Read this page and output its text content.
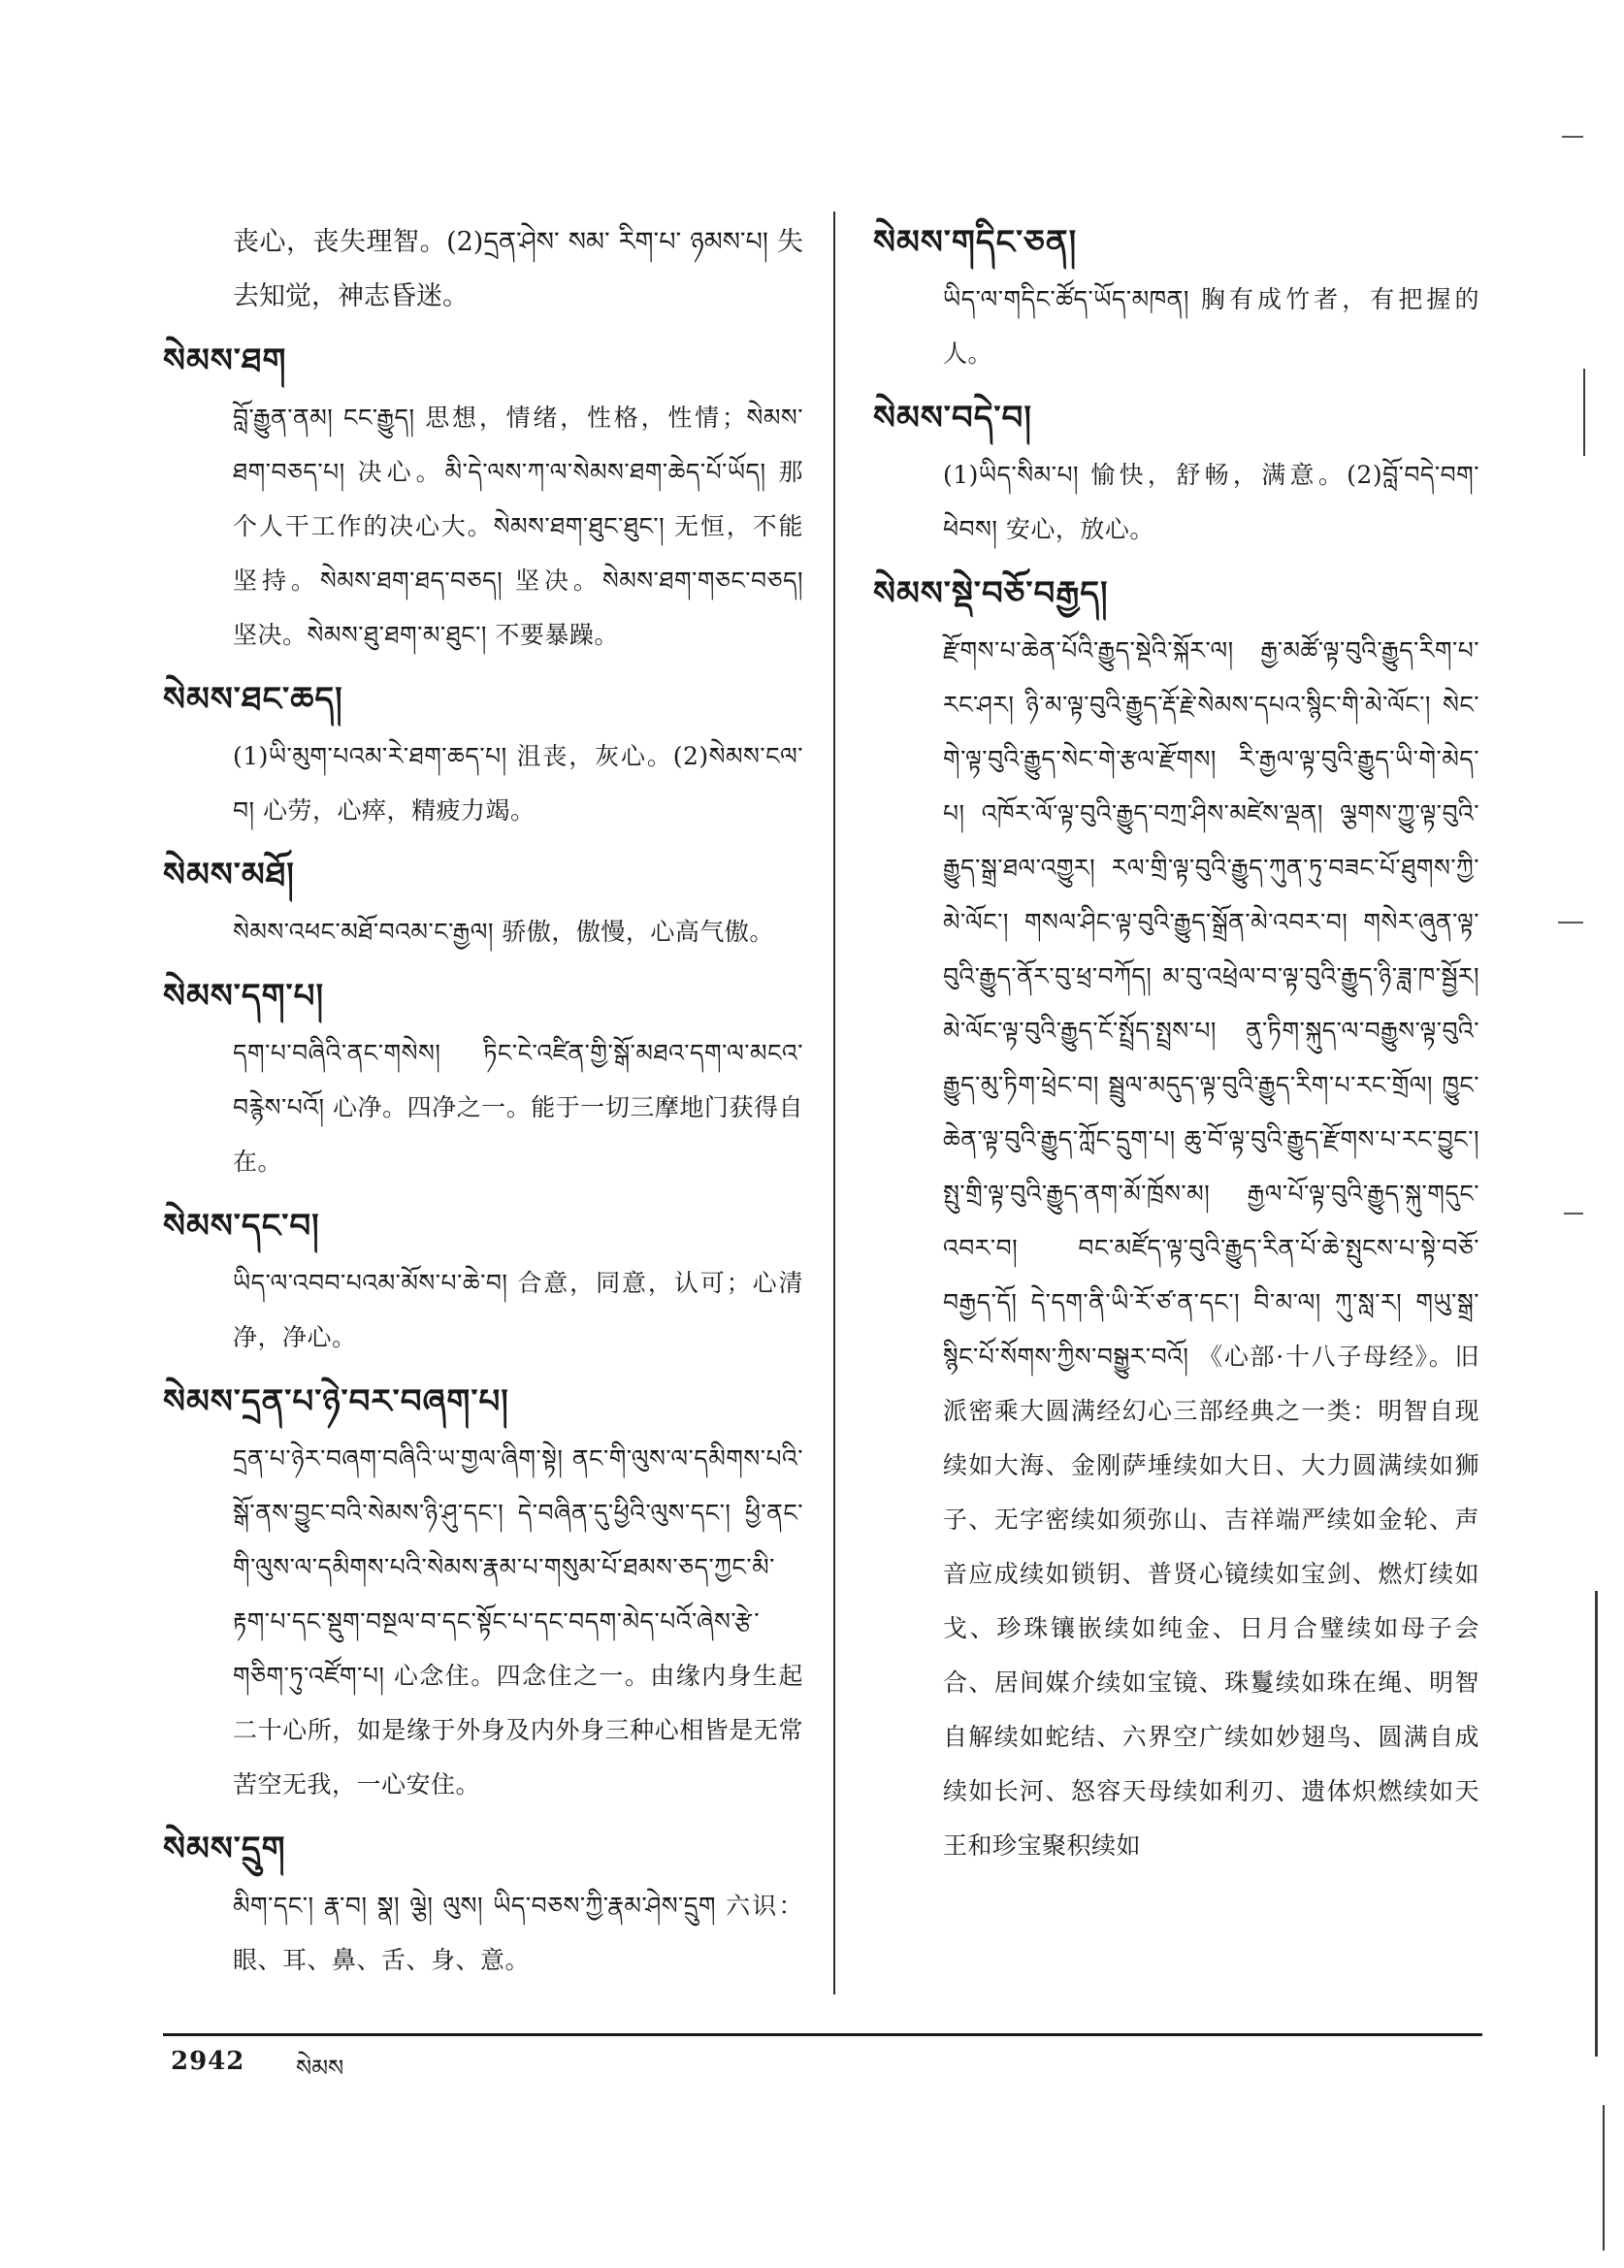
丧心，丧失理智。(2)དྲན་ཤེས་ སམ་ རིག་པ་ ཉམས་པ། 失去知觉，神志昏迷。

སེམས་ཐག
བློ་རྒྱུན་ནམ། ངང་རྒྱུད། 思想，情绪，性格，性情；སེམས་ཐག་བཅད་པ། 决心。མི་དེ་ལས་ཀ་ལ་སེམས་ཐག་ཆེད་པོ་ཡོད། 那个人干工作的决心大。སེམས་ཐག་ཐུང་ཐུང་། 无恒，不能坚持。སེམས་ཐག་ཐད་བཅད། 坚决。སེམས་ཐག་གཅང་བཅད། 坚决。སེམས་ཐུ་ཐག་མ་ཐུང་། 不要暴躁。

སེམས་ཐང་ཆད།
(1)ཡི་མུག་པའམ་རེ་ཐག་ཆད་པ། 沮丧，灰心。(2)སེམས་ངལ་བ། 心劳，心瘁，精疲力竭。

སེམས་མཐོ།
སེམས་འཕང་མཐོ་བའམ་ང་རྒྱལ། 骄傲，傲慢，心高气傲。

སེམས་དག་པ།
དག་པ་བཞིའི་ནང་གསེས། ཏིང་ངེ་འཛིན་གྱི་སྒོ་མཐའ་དག་ལ་མངའ་བརྙེས་པའོ། 心净。四净之一。能于一切三摩地门获得自在。

སེམས་དང་བ།
ཡིད་ལ་འབབ་པའམ་མོས་པ་ཆེ་བ། 合意，同意，认可；心清净，净心。

སེམས་དྲན་པ་ཉེ་བར་བཞག་པ།
དྲན་པ་ཉེར་བཞག་བཞིའི་ཡ་གྱལ་ཞིག་སྟེ། ནང་གི་ལུས་ལ་དམིགས་པའི་སྒོ་ནས་བྱུང་བའི་སེམས་ཉི་ཤུ་དང་། དེ་བཞིན་དུ་ཕྱིའི་ལུས་དང་། ཕྱི་ནང་གི་ལུས་ལ་དམིགས་པའི་སེམས་རྣམ་པ་གསུམ་པོ་ཐམས་ཅད་ཀྱང་མི་རྟག་པ་དང་སྡུག་བསྔལ་བ་དང་སྟོང་པ་དང་བདག་མེད་པའོ་ཞེས་རྩེ་གཅིག་ཏུ་འཛོག་པ། 心念住。四念住之一。由缘内身生起二十心所，如是缘于外身及内外身三种心相皆是无常苦空无我，一心安住。

སེམས་དྲུག
མིག་དང་། རྣ་བ། སྣ། ལྕེ། ལུས། ཡིད་བཅས་ཀྱི་རྣམ་ཤེས་དྲུག 六识：眼、耳、鼻、舌、身、意。

སེམས་གདིང་ཅན།
ཡིད་ལ་གདིང་ཚོད་ཡོད་མཁན། 胸有成竹者，有把握的人。

སེམས་བདེ་བ།
(1)ཡིད་སིམ་པ། 愉快，舒畅，满意。(2)བློ་བདེ་བག་ཕེབས། 安心，放心。

སེམས་སྡེ་བཅོ་བརྒྱད།
རྫོགས་པ་ཆེན་པོའི་རྒྱུད་སྡེའི་སྐོར་ལ། རྒྱ་མཚོ་ལྟ་བུའི་རྒྱུད་རིག་པ་རང་ཤར། ཉི་མ་ལྟ་བུའི་རྒྱུད་རྡོ་རྗེ་སེམས་དཔའ་སྙིང་གི་མེ་ལོང་། སེང་གེ་ལྟ་བུའི་རྒྱུད་སེང་གེ་རྩལ་རྫོགས། རི་རྒྱལ་ལྟ་བུའི་རྒྱུད་ཡི་གེ་མེད་པ། འཁོར་ལོ་ལྟ་བུའི་རྒྱུད་བཀྲ་ཤིས་མཛེས་ལྡན། ལྕགས་ཀྱུ་ལྟ་བུའི་རྒྱུད་སྒྲ་ཐལ་འགྱུར། རལ་གྲི་ལྟ་བུའི་རྒྱུད་ཀུན་ཏུ་བཟང་པོ་ཐུགས་ཀྱི་མེ་ལོང་། གསལ་ཤིང་ལྟ་བུའི་རྒྱུད་སྒྲོན་མེ་འབར་བ། གསེར་ཞུན་ལྟ་བུའི་རྒྱུད་ནོར་བུ་ཕྲ་བཀོད། མ་བུ་འཕྲེལ་བ་ལྟ་བུའི་རྒྱུད་ཉི་ཟླ་ཁ་སྦྱོར། མེ་ལོང་ལྟ་བུའི་རྒྱུད་ངོ་སྤྲོད་སྤྲས་པ། ནུ་ཏིག་སྐུད་ལ་བརྒྱུས་ལྟ་བུའི་རྒྱུད་མུ་ཏིག་ཕྲེང་བ། སྦྲུལ་མདུད་ལྟ་བུའི་རྒྱུད་རིག་པ་རང་གྲོལ། ཁྱུང་ཆེན་ལྟ་བུའི་རྒྱུད་ཀློང་དྲུག་པ། ཆུ་བོ་ལྟ་བུའི་རྒྱུད་རྫོགས་པ་རང་བྱུང་། སྤུ་གྲི་ལྟ་བུའི་རྒྱུད་ནག་མོ་ཁྲོས་མ། རྒྱལ་པོ་ལྟ་བུའི་རྒྱུད་སྐུ་གདུང་འབར་བ། བང་མཛོད་ལྟ་བུའི་རྒྱུད་རིན་པོ་ཆེ་སྤུངས་པ་སྟེ་བཅོ་བརྒྱད་དོ། དེ་དག་ནི་ཡི་རོ་ཙ་ན་དང་། བི་མ་ལ། ཀུ་སླ་ར། གཡུ་སྒྲ་སྙིང་པོ་སོགས་ཀྱིས་བསྒྱུར་བའོ། 《心部·十八子母经》。旧派密乘大圆满经幻心三部经典之一类：明智自现续如大海、金刚萨埵续如大日、大力圆满续如狮子、无字密续如须弥山、吉祥端严续如金轮、声音应成续如锁钥、普贤心镜续如宝剑、燃灯续如戈、珍珠镶嵌续如纯金、日月合璧续如母子会合、居间媒介续如宝镜、珠鬘续如珠在绳、明智自解续如蛇结、六界空广续如妙翅鸟、圆满自成续如长河、怒容天母续如利刃、遗体炽燃续如天王和珍宝聚积续如

2942 སེམས
